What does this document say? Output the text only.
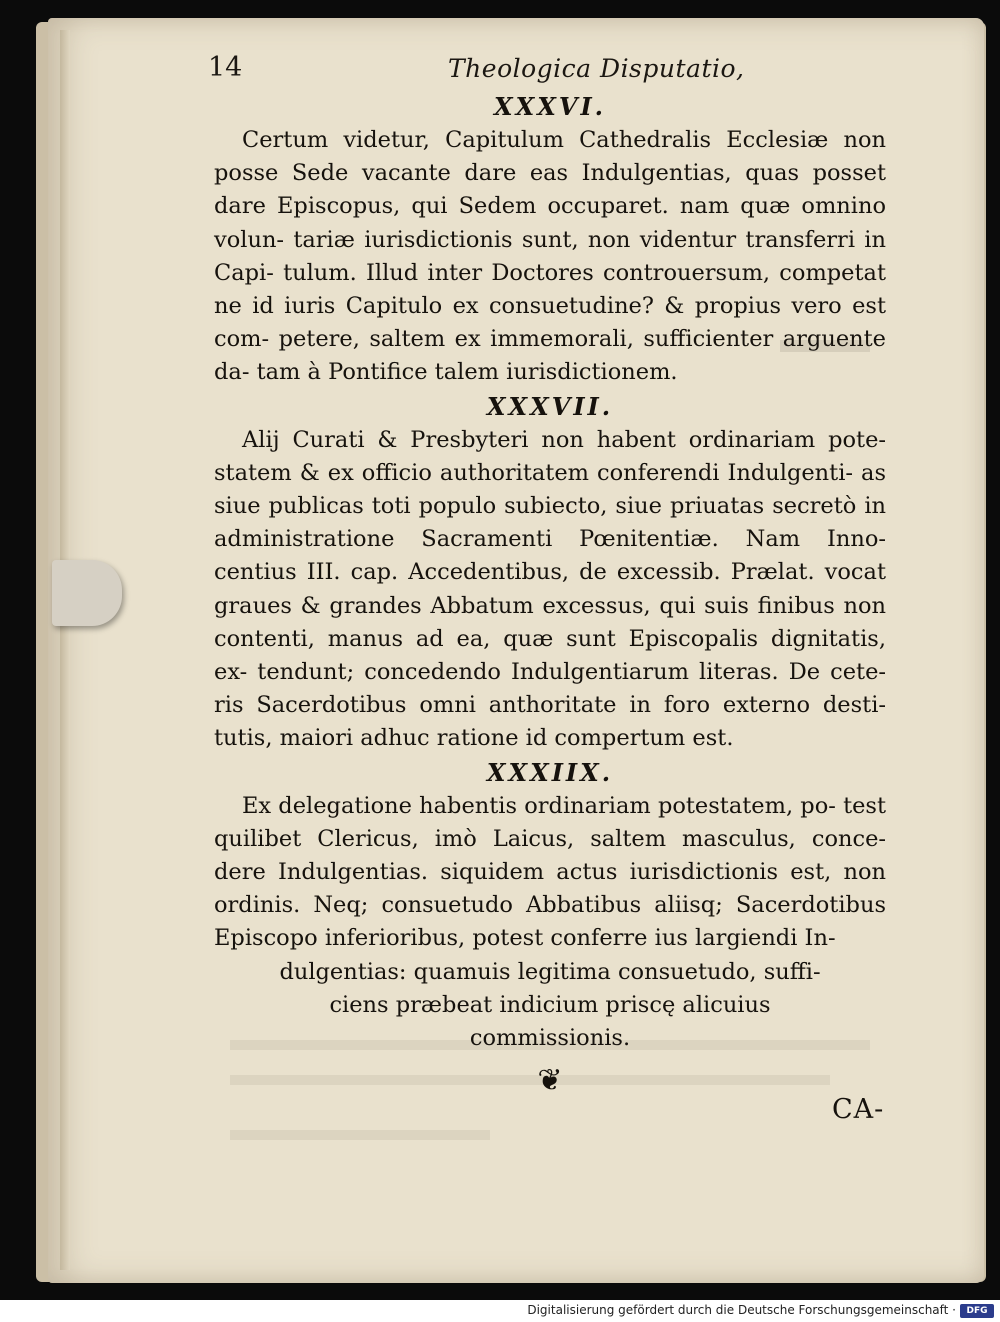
14	Theologica Disputatio,
XXXVI.

Certum videtur, Capitulum Cathedralis Ecclesiæ non posse Sede vacante dare eas Indulgentias, quas posset dare Episcopus, qui Sedem occuparet. nam quæ omnino volun- tariæ iurisdictionis sunt, non videntur transferri in Capi- tulum. Illud inter Doctores controuersum, competat ne id iuris Capitulo ex consuetudine? & propius vero est com- petere, saltem ex immemorali, sufficienter arguente da- tam à Pontifice talem iurisdictionem.

XXXVII.

Alij Curati & Presbyteri non habent ordinariam pote- statem & ex officio authoritatem conferendi Indulgenti- as siue publicas toti populo subiecto, siue priuatas secretò in administratione Sacramenti Pœnitentiæ. Nam Inno- centius III. cap. Accedentibus, de excessib. Prælat. vocat graues & grandes Abbatum excessus, qui suis finibus non contenti, manus ad ea, quæ sunt Episcopalis dignitatis, ex- tendunt; concedendo Indulgentiarum literas. De cete- ris Sacerdotibus omni anthoritate in foro externo desti- tutis, maiori adhuc ratione id compertum est.

XXXIIX.

Ex delegatione habentis ordinariam potestatem, po- test quilibet Clericus, imò Laicus, saltem masculus, conce- dere Indulgentias. siquidem actus iurisdictionis est, non ordinis. Neq; consuetudo Abbatibus aliisq; Sacerdotibus Episcopo inferioribus, potest conferre ius largiendi In-

dulgentias: quamuis legitima consuetudo, suffi-
ciens præbeat indicium priscę alicuius
commissionis.

❦
CA-
Digitalisierung gefördert durch die Deutsche Forschungsgemeinschaft ·	DFG
